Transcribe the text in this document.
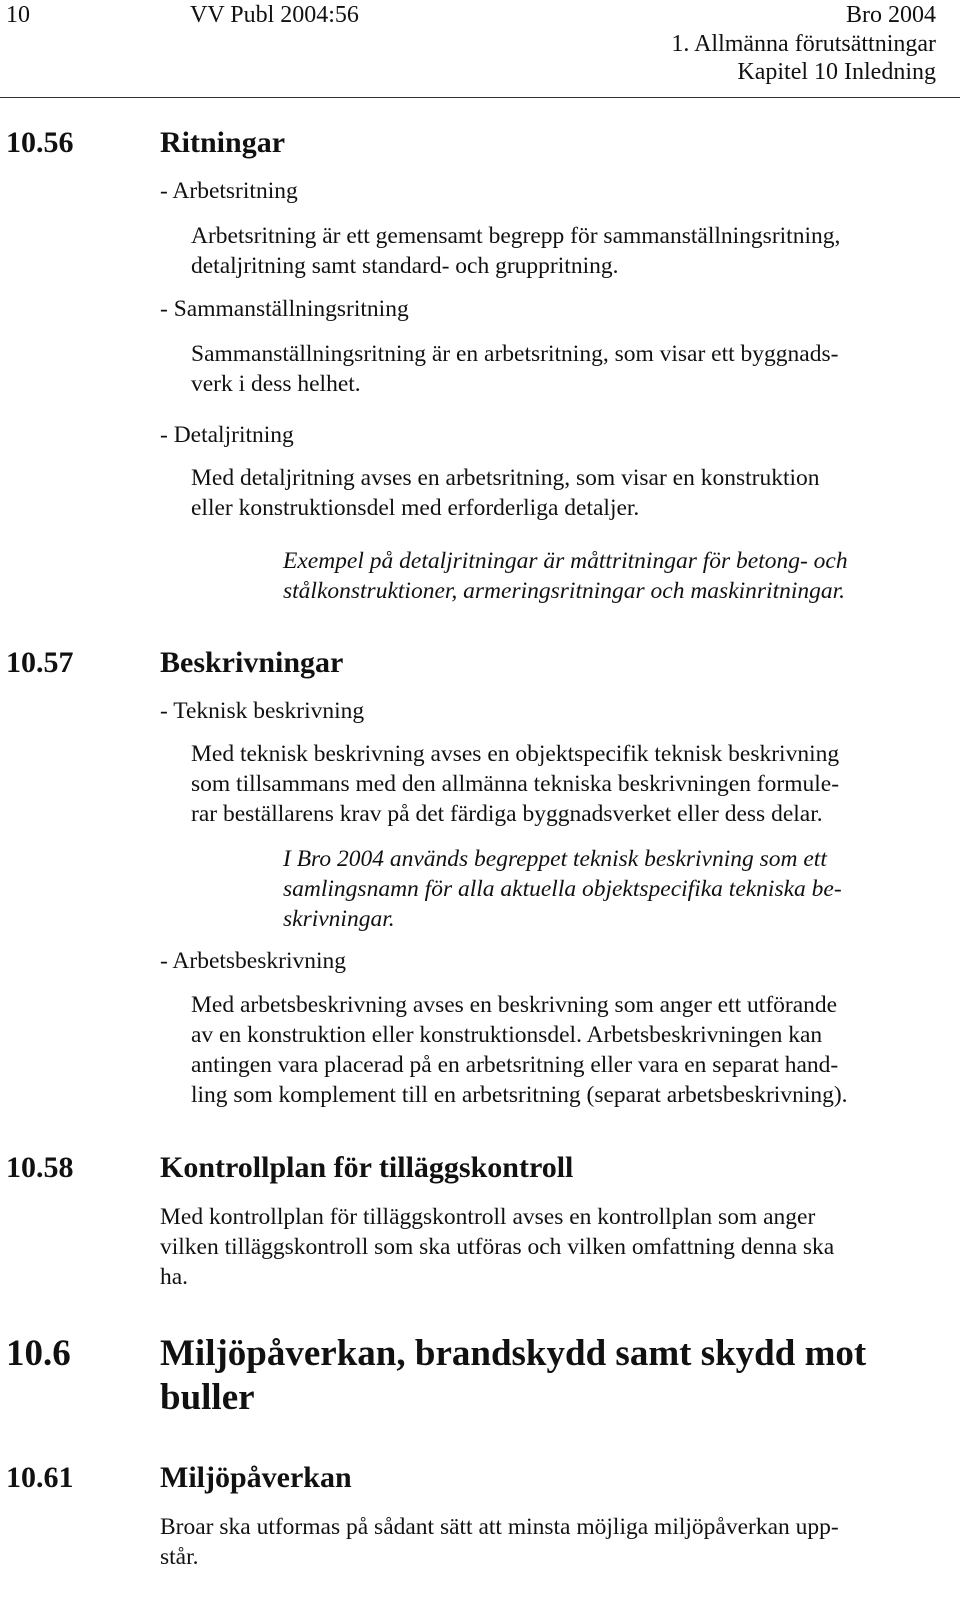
10	VV Publ 2004:56	Bro 2004
1. Allmänna förutsättningar
Kapitel 10 Inledning
10.56	Ritningar
- Arbetsritning
Arbetsritning är ett gemensamt begrepp för sammanställningsritning,
detaljritning samt standard- och gruppritning.
- Sammanställningsritning
Sammanställningsritning är en arbetsritning, som visar ett byggnads-
verk i dess helhet.
- Detaljritning
Med detaljritning avses en arbetsritning, som visar en konstruktion
eller konstruktionsdel med erforderliga detaljer.
Exempel på detaljritningar är måttritningar för betong- och
stålkonstruktioner, armeringsritningar och maskinritningar.
10.57	Beskrivningar
- Teknisk beskrivning
Med teknisk beskrivning avses en objektspecifik teknisk beskrivning
som tillsammans med den allmänna tekniska beskrivningen formule-
rar beställarens krav på det färdiga byggnadsverket eller dess delar.
I Bro 2004 används begreppet teknisk beskrivning som ett
samlingsnamn för alla aktuella objektspecifika tekniska be-
skrivningar.
- Arbetsbeskrivning
Med arbetsbeskrivning avses en beskrivning som anger ett utförande
av en konstruktion eller konstruktionsdel. Arbetsbeskrivningen kan
antingen vara placerad på en arbetsritning eller vara en separat hand-
ling som komplement till en arbetsritning (separat arbetsbeskrivning).
10.58	Kontrollplan för tilläggskontroll
Med kontrollplan för tilläggskontroll avses en kontrollplan som anger
vilken tilläggskontroll som ska utföras och vilken omfattning denna ska
ha.
10.6 Miljöpåverkan, brandskydd samt skydd mot
buller
10.61	Miljöpåverkan
Broar ska utformas på sådant sätt att minsta möjliga miljöpåverkan upp-
står.
